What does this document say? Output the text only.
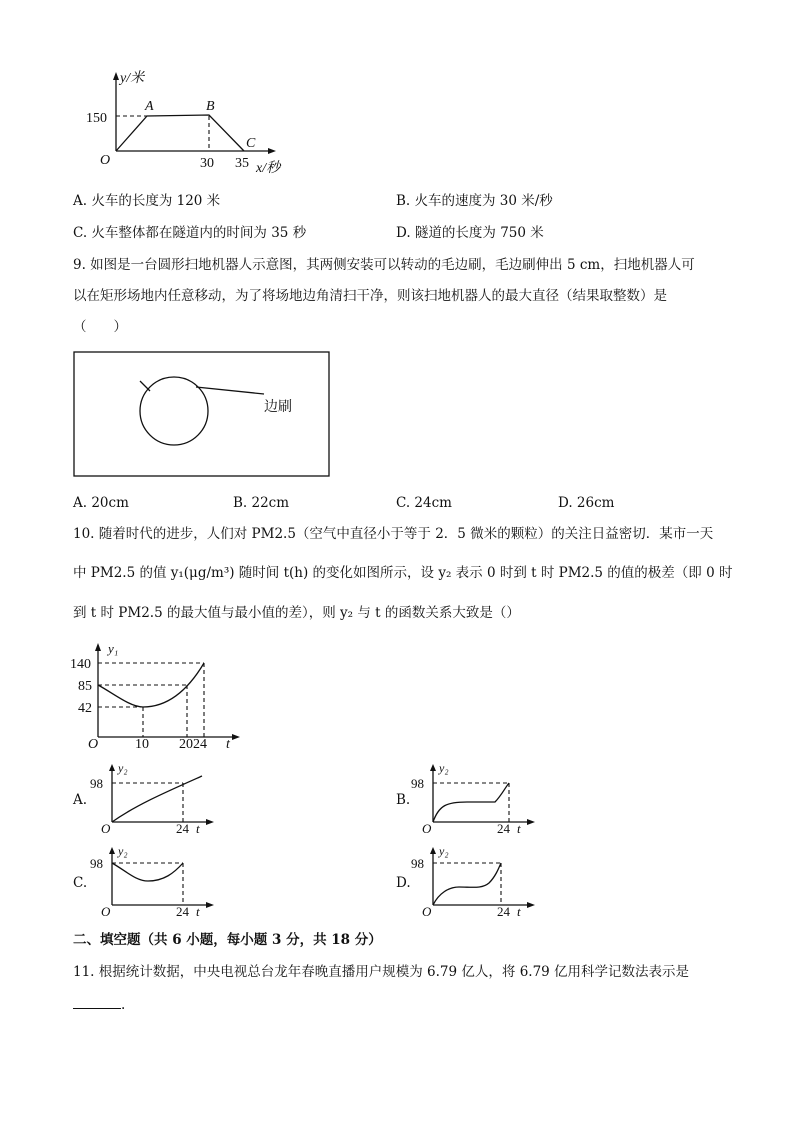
y/米
x/秒
O
150
30 35
A	B
C
A. 火车的长度为 120 米	B. 火车的速度为 30 米/秒
C. 火车整体都在隧道内的时间为 35 秒	D. 隧道的长度为 750 米
9. 如图是一台圆形扫地机器人示意图，其两侧安装可以转动的毛边刷，毛边刷伸出 5 cm，扫地机器人可
以在矩形场地内任意移动，为了将场地边角清扫干净，则该扫地机器人的最大直径（结果取整数）是
（　　）
边刷
A. 20cm	B. 22cm	C. 24cm	D. 26cm
10. 随着时代的进步，人们对 PM2.5（空气中直径小于等于 2．5 微米的颗粒）的关注日益密切．某市一天
中 PM2.5 的值 y₁(μg/m³) 随时间 t(h) 的变化如图所示，设 y₂ 表示 0 时到 t 时 PM2.5 的值的极差（即 0 时
到 t 时 PM2.5 的最大值与最小值的差），则 y₂ 与 t 的函数关系大致是（）
y₁
t
O
140
85
42
10 20 24
A.
y₂
98
O	24 t
B.
y₂
98
O	24 t
C.
y₂
98
O	24 t
D.
y₂
98
O	24 t
二、填空题（共 6 小题，每小题 3 分，共 18 分）
11. 根据统计数据，中央电视总台龙年春晚直播用户规模为 6.79 亿人，将 6.79 亿用科学记数法表示是
.
